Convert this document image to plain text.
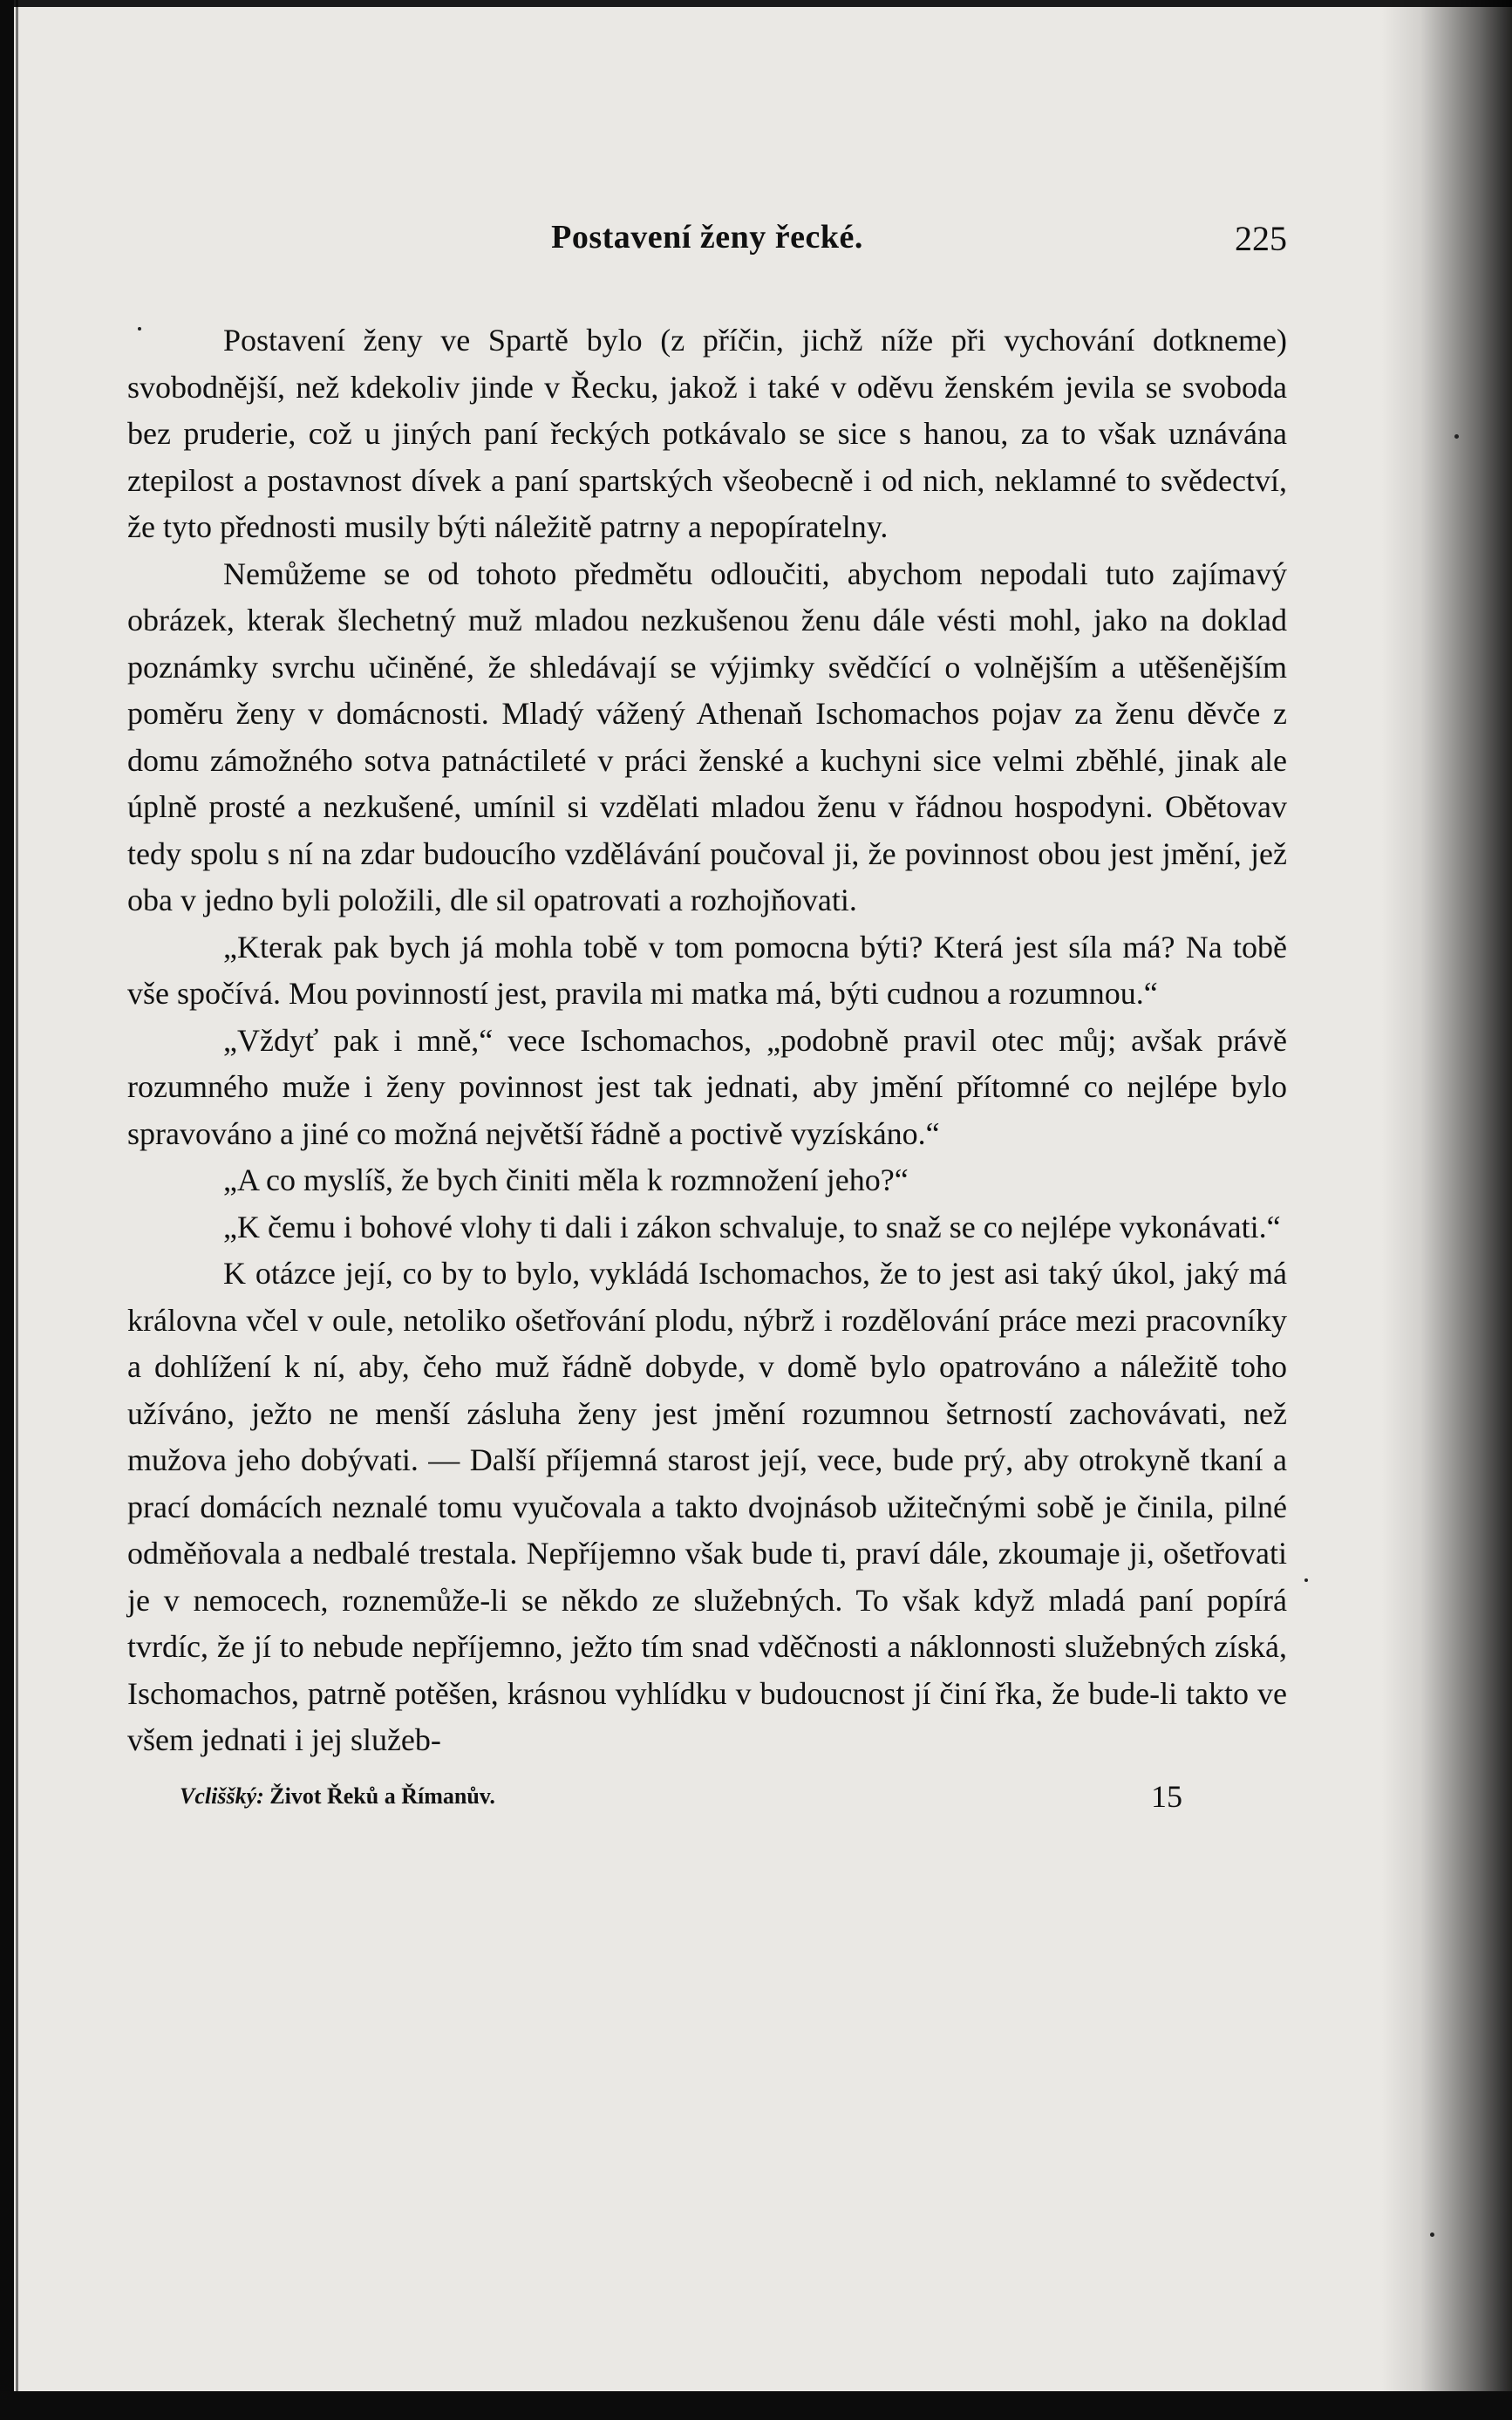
Postavení ženy řecké.	225

Postavení ženy ve Spartě bylo (z příčin, jichž níže při vychování dotkneme) svobodnější, než kdekoliv jinde v Řecku, jakož i také v oděvu ženském jevila se svoboda bez pruderie, což u jiných paní řeckých potkávalo se sice s hanou, za to však uznávána ztepilost a postavnost dívek a paní spartských všeobecně i od nich, neklamné to svědectví, že tyto přednosti musily býti náležitě patrny a nepopíratelny.

Nemůžeme se od tohoto předmětu odloučiti, abychom nepodali tuto zajímavý obrázek, kterak šlechetný muž mladou nezkušenou ženu dále vésti mohl, jako na doklad poznámky svrchu učiněné, že shledávají se výjimky svědčící o volnějším a utěšenějším poměru ženy v domácnosti. Mladý vážený Athenaň Ischomachos pojav za ženu děvče z domu zámožného sotva patnáctileté v práci ženské a kuchyni sice velmi zběhlé, jinak ale úplně prosté a nezkušené, umínil si vzdělati mladou ženu v řádnou hospodyni. Obětovav tedy spolu s ní na zdar budoucího vzdělávání poučoval ji, že povinnost obou jest jmění, jež oba v jedno byli položili, dle sil opatrovati a rozhojňovati.

„Kterak pak bych já mohla tobě v tom pomocna býti? Která jest síla má? Na tobě vše spočívá. Mou povinností jest, pravila mi matka má, býti cudnou a rozumnou.“

„Vždyť pak i mně,“ vece Ischomachos, „podobně pravil otec můj; avšak právě rozumného muže i ženy povinnost jest tak jednati, aby jmění přítomné co nejlépe bylo spravováno a jiné co možná největší řádně a poctivě vyzískáno.“

„A co myslíš, že bych činiti měla k rozmnožení jeho?“

„K čemu i bohové vlohy ti dali i zákon schvaluje, to snaž se co nejlépe vykonávati.“

K otázce její, co by to bylo, vykládá Ischomachos, že to jest asi taký úkol, jaký má královna včel v oule, netoliko ošetřování plodu, nýbrž i rozdělování práce mezi pracovníky a dohlížení k ní, aby, čeho muž řádně dobyde, v domě bylo opatrováno a náležitě toho užíváno, ježto ne menší zásluha ženy jest jmění rozumnou šetrností zachovávati, než mužova jeho dobývati. — Další příjemná starost její, vece, bude prý, aby otrokyně tkaní a prací domácích neznalé tomu vyučovala a takto dvojnásob užitečnými sobě je činila, pilné odměňovala a nedbalé trestala. Nepříjemno však bude ti, praví dále, zkoumaje ji, ošetřovati je v nemocech, roznemůže-li se někdo ze služebných. To však když mladá paní popírá tvrdíc, že jí to nebude nepříjemno, ježto tím snad vděčnosti a náklonnosti služebných získá, Ischomachos, patrně potěšen, krásnou vyhlídku v budoucnost jí činí řka, že bude-li takto ve všem jednati i jej služeb-

Vcliššký: Život Řeků a Římanův.	15
